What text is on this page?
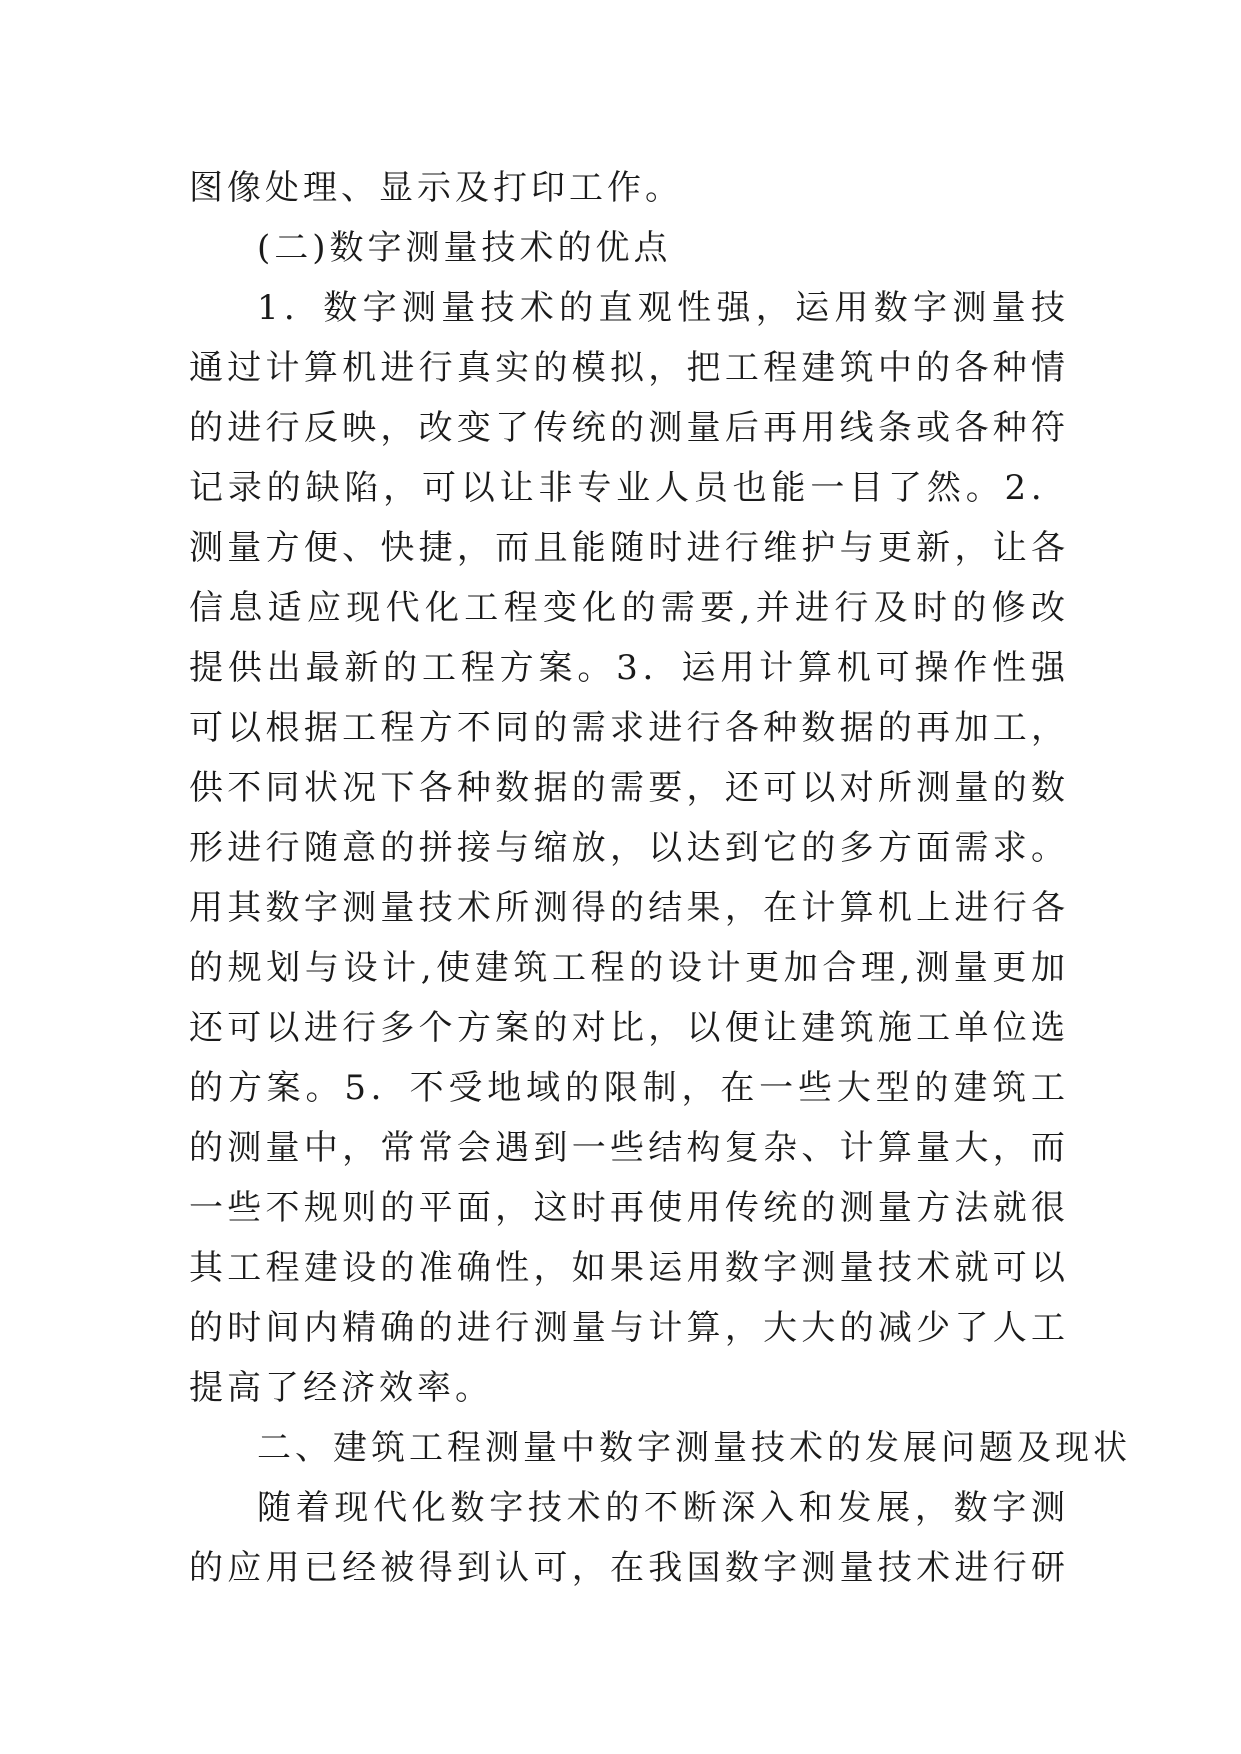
图像处理、显示及打印工作。
(二)数字测量技术的优点
1．数字测量技术的直观性强，运用数字测量技
通过计算机进行真实的模拟，把工程建筑中的各种情
的进行反映，改变了传统的测量后再用线条或各种符
记录的缺陷，可以让非专业人员也能一目了然。2．
测量方便、快捷，而且能随时进行维护与更新，让各
信息适应现代化工程变化的需要,并进行及时的修改
提供出最新的工程方案。3．运用计算机可操作性强
可以根据工程方不同的需求进行各种数据的再加工，
供不同状况下各种数据的需要，还可以对所测量的数
形进行随意的拼接与缩放，以达到它的多方面需求。
用其数字测量技术所测得的结果，在计算机上进行各
的规划与设计,使建筑工程的设计更加合理,测量更加
还可以进行多个方案的对比，以便让建筑施工单位选
的方案。5．不受地域的限制，在一些大型的建筑工
的测量中，常常会遇到一些结构复杂、计算量大，而
一些不规则的平面，这时再使用传统的测量方法就很
其工程建设的准确性，如果运用数字测量技术就可以
的时间内精确的进行测量与计算，大大的减少了人工
提高了经济效率。
二、建筑工程测量中数字测量技术的发展问题及现状
随着现代化数字技术的不断深入和发展，数字测
的应用已经被得到认可，在我国数字测量技术进行研
